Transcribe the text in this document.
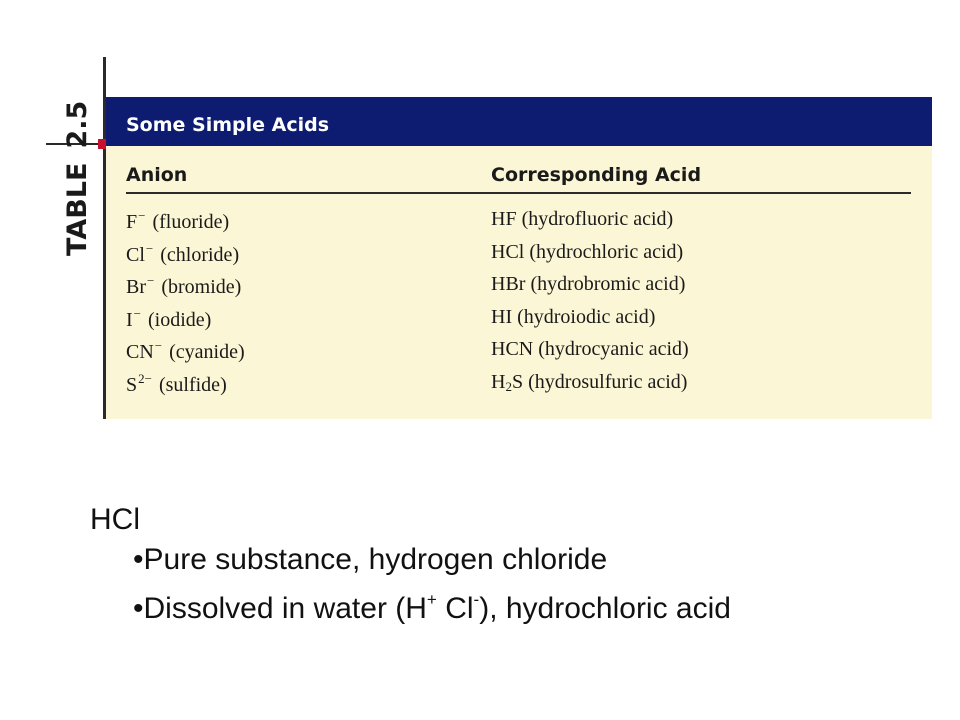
TABLE2.5 Some Simple Acids
Anion	Corresponding Acid
F− (fluoride)	HF (hydrofluoric acid)
Cl− (chloride)	HCl (hydrochloric acid)
Br− (bromide)	HBr (hydrobromic acid)
I− (iodide)	HI (hydroiodic acid)
CN− (cyanide)	HCN (hydrocyanic acid)
$S^{2-}$ (sulfide)	$H_2S$ (hydrosulfuric acid)
HCl
•Pure substance, hydrogen chloride
•Dissolved in water (H+ Cl-), hydrochloric acid
